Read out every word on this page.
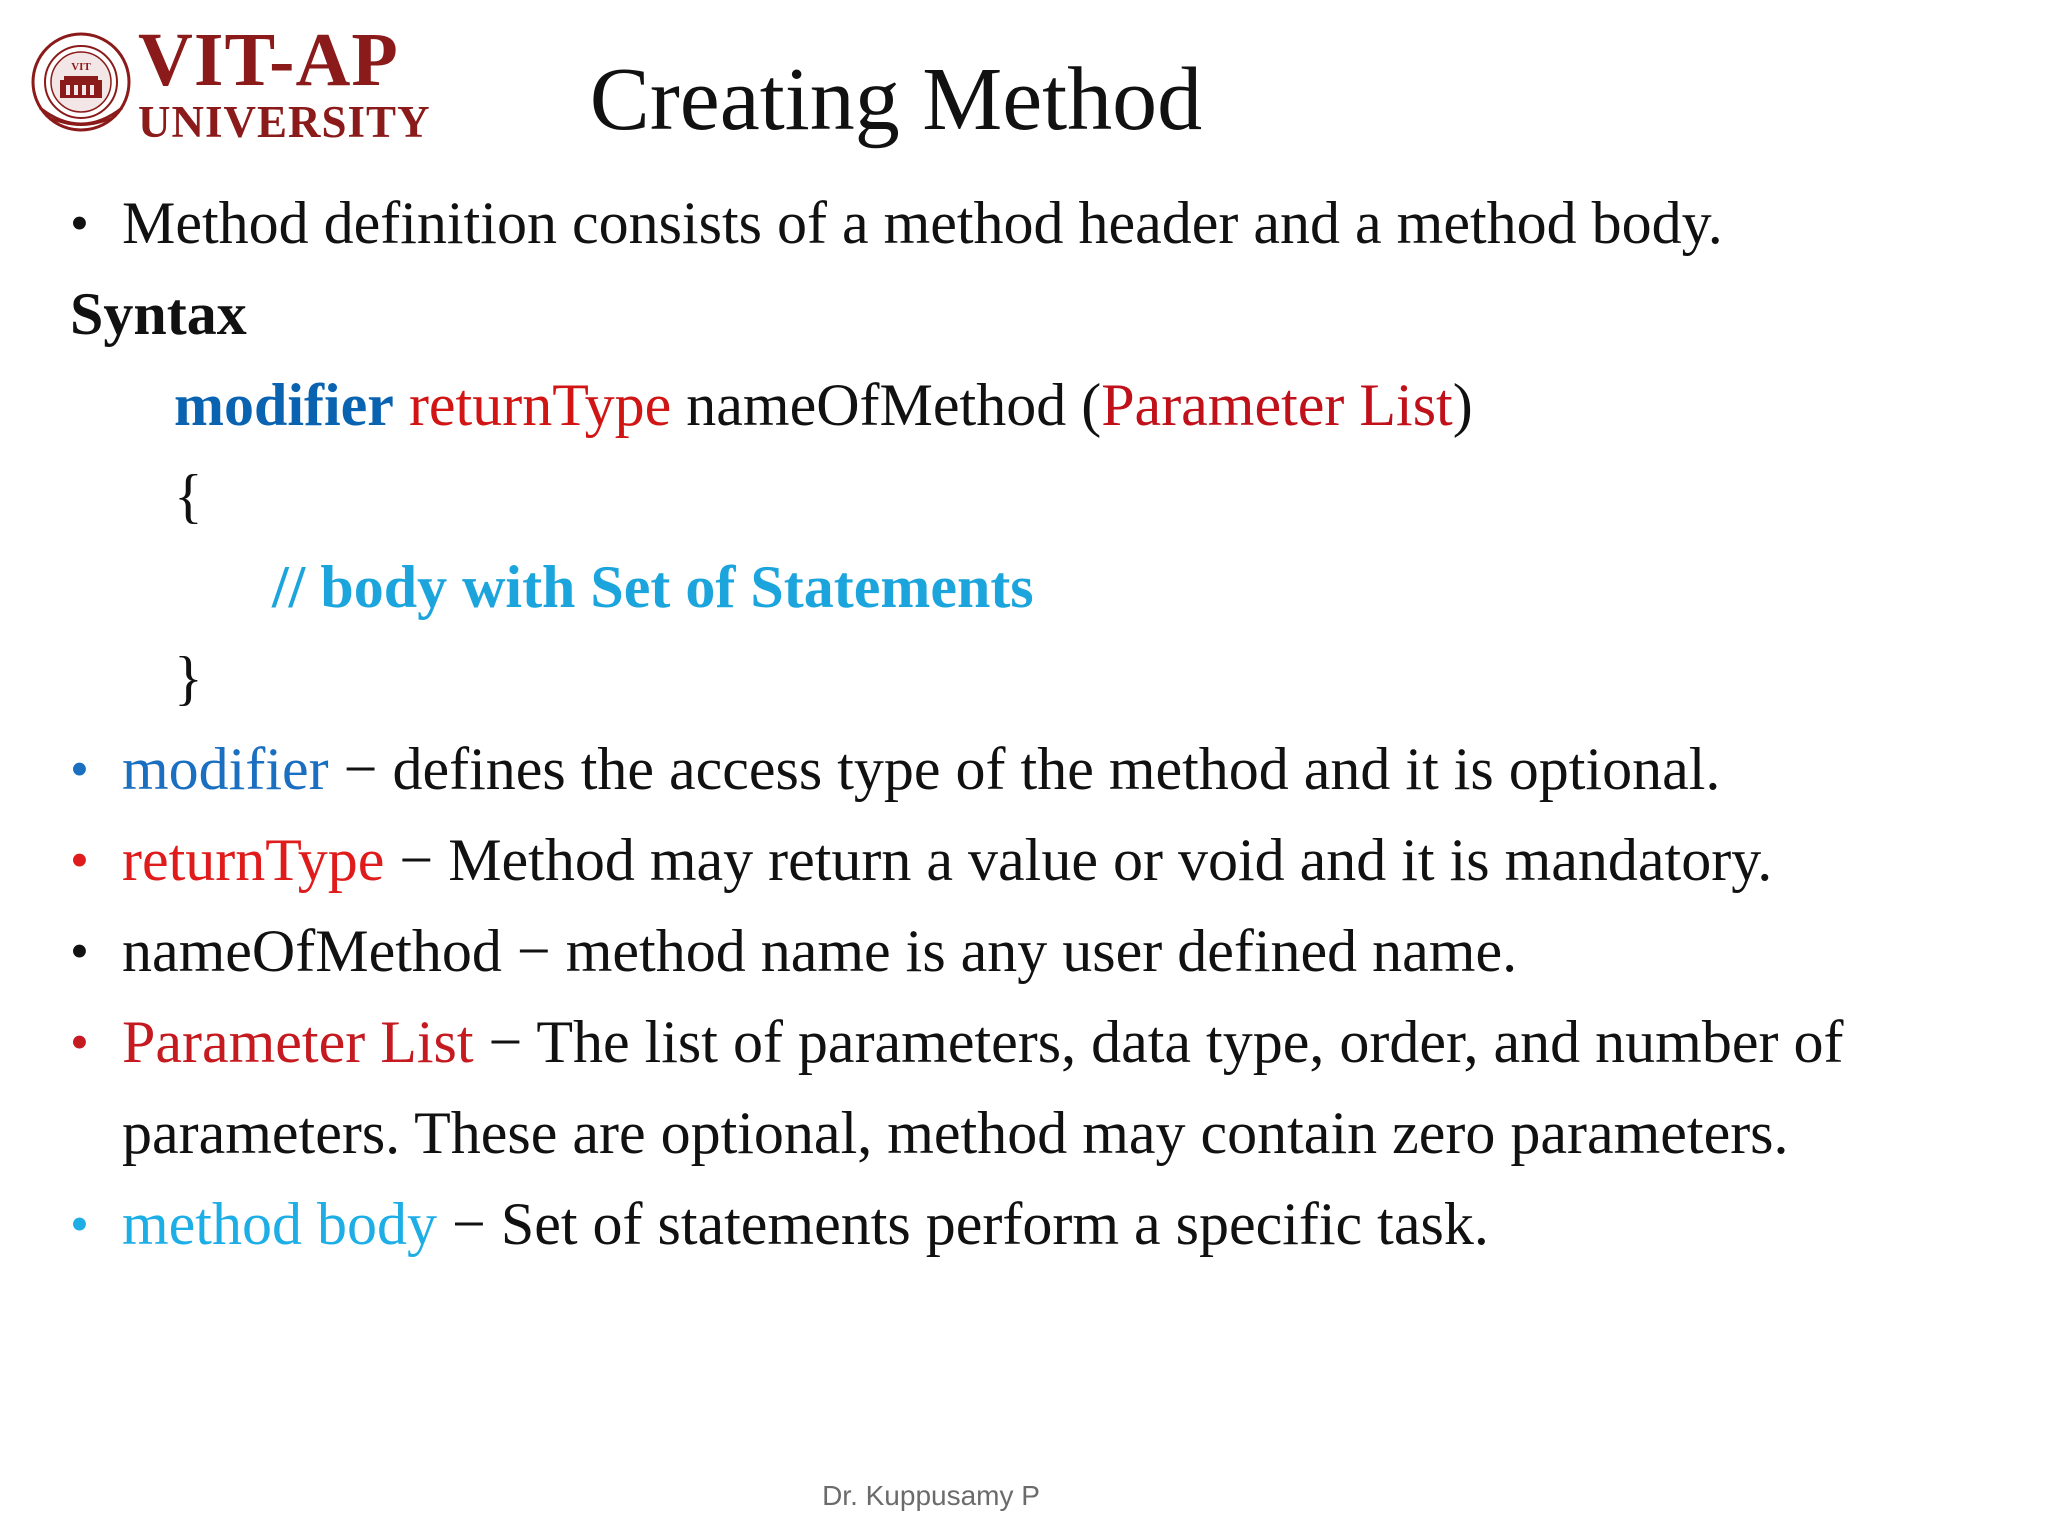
VIT VIT-AP
UNIVERSITY	Creating Method
• Method definition consists of a method header and a method body.
Syntax
modifier returnType nameOfMethod (Parameter List)
{
// body with Set of Statements
}
• modifier − defines the access type of the method and it is optional.
• returnType − Method may return a value or void and it is mandatory.
• nameOfMethod − method name is any user defined name.
• Parameter List − The list of parameters, data type, order, and number of
parameters. These are optional, method may contain zero parameters.
• method body − Set of statements perform a specific task.
Dr. Kuppusamy P
